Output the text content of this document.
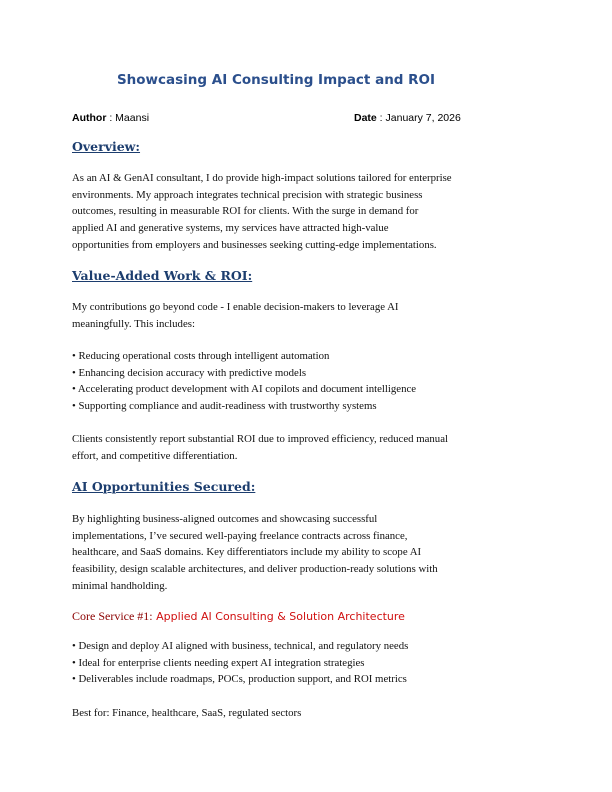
Showcasing AI Consulting Impact and ROI
Author : Maansi	Date : January 7, 2026
Overview:
As an AI & GenAI consultant, I do provide high-impact solutions tailored for enterprise
environments. My approach integrates technical precision with strategic business
outcomes, resulting in measurable ROI for clients. With the surge in demand for
applied AI and generative systems, my services have attracted high-value
opportunities from employers and businesses seeking cutting-edge implementations.
Value-Added Work & ROI:
My contributions go beyond code - I enable decision-makers to leverage AI
meaningfully. This includes:
• Reducing operational costs through intelligent automation
• Enhancing decision accuracy with predictive models
• Accelerating product development with AI copilots and document intelligence
• Supporting compliance and audit-readiness with trustworthy systems
Clients consistently report substantial ROI due to improved efficiency, reduced manual
effort, and competitive differentiation.
AI Opportunities Secured:
By highlighting business-aligned outcomes and showcasing successful
implementations, I’ve secured well-paying freelance contracts across finance,
healthcare, and SaaS domains. Key differentiators include my ability to scope AI
feasibility, design scalable architectures, and deliver production-ready solutions with
minimal handholding.
Core Service #1: Applied AI Consulting & Solution Architecture
• Design and deploy AI aligned with business, technical, and regulatory needs
• Ideal for enterprise clients needing expert AI integration strategies
• Deliverables include roadmaps, POCs, production support, and ROI metrics
Best for: Finance, healthcare, SaaS, regulated sectors
